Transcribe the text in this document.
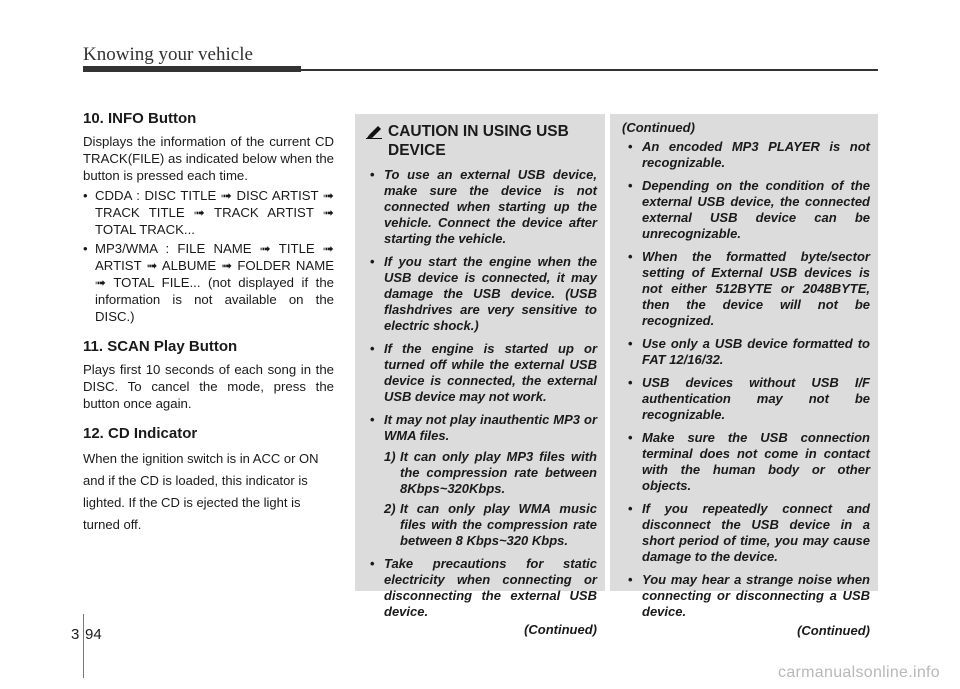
Knowing your vehicle
10. INFO Button

Displays the information of the current CD TRACK(FILE) as indicated below when the button is pressed each time.

• CDDA : DISC TITLE ➟ DISC ARTIST ➟ TRACK TITLE ➟ TRACK ARTIST ➟ TOTAL TRACK...
• MP3/WMA : FILE NAME ➟ TITLE ➟ ARTIST ➟ ALBUME ➟ FOLDER NAME ➟ TOTAL FILE... (not displayed if the information is not available on the DISC.)
11. SCAN Play Button

Plays first 10 seconds of each song in the DISC. To cancel the mode, press the button once again.

12. CD Indicator

When the ignition switch is in ACC or ON and if the CD is loaded, this indicator is lighted. If the CD is ejected the light is turned off.

CAUTION IN USING USB DEVICE
• To use an external USB device, make sure the device is not connected when starting up the vehicle. Connect the device after starting the vehicle.
• If you start the engine when the USB device is connected, it may damage the USB device. (USB flashdrives are very sensitive to electric shock.)
• If the engine is started up or turned off while the external USB device is connected, the external USB device may not work.
• It may not play inauthentic MP3 or WMA files.
1) It can only play MP3 files with the compression rate between 8Kbps~320Kbps.
2) It can only play WMA music files with the compression rate between 8 Kbps~320 Kbps.
• Take precautions for static electricity when connecting or disconnecting the external USB device.

(Continued)

(Continued)

• An encoded MP3 PLAYER is not recognizable.
• Depending on the condition of the external USB device, the connected external USB device can be unrecognizable.
• When the formatted byte/sector setting of External USB devices is not either 512BYTE or 2048BYTE, then the device will not be recognized.
• Use only a USB device formatted to FAT 12/16/32.
• USB devices without USB I/F authentication may not be recognizable.
• Make sure the USB connection terminal does not come in contact with the human body or other objects.
• If you repeatedly connect and disconnect the USB device in a short period of time, you may cause damage to the device.
• You may hear a strange noise when connecting or disconnecting a USB device.

(Continued)

3 94
carmanualsonline.info
